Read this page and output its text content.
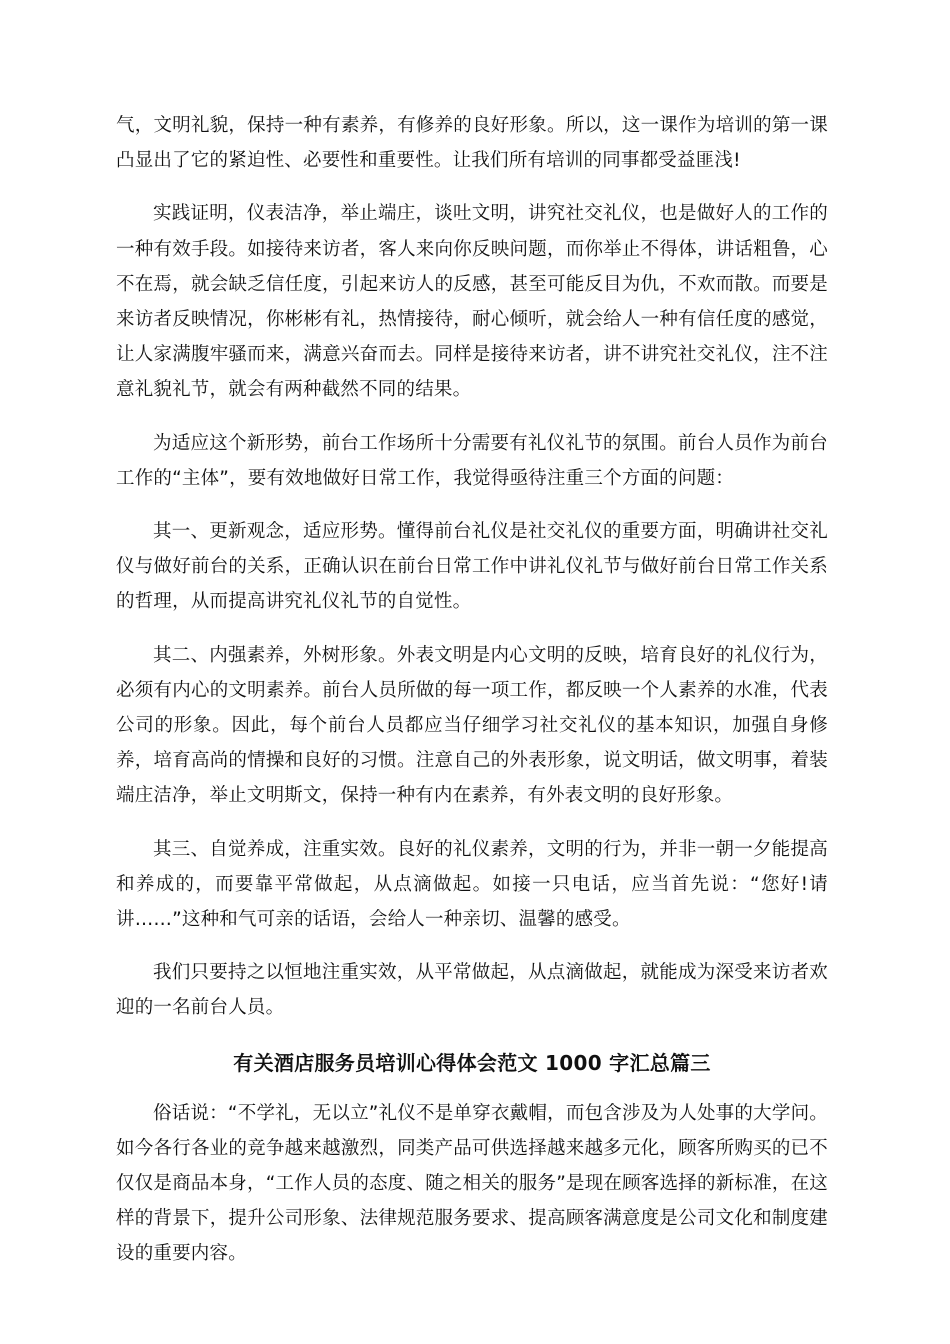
气，文明礼貌，保持一种有素养，有修养的良好形象。所以，这一课作为培训的第一课凸显出了它的紧迫性、必要性和重要性。让我们所有培训的同事都受益匪浅!

实践证明，仪表洁净，举止端庄，谈吐文明，讲究社交礼仪，也是做好人的工作的一种有效手段。如接待来访者，客人来向你反映问题，而你举止不得体，讲话粗鲁，心不在焉，就会缺乏信任度，引起来访人的反感，甚至可能反目为仇，不欢而散。而要是来访者反映情况，你彬彬有礼，热情接待，耐心倾听，就会给人一种有信任度的感觉，让人家满腹牢骚而来，满意兴奋而去。同样是接待来访者，讲不讲究社交礼仪，注不注意礼貌礼节，就会有两种截然不同的结果。

为适应这个新形势，前台工作场所十分需要有礼仪礼节的氛围。前台人员作为前台工作的“主体”，要有效地做好日常工作，我觉得亟待注重三个方面的问题：

其一、更新观念，适应形势。懂得前台礼仪是社交礼仪的重要方面，明确讲社交礼仪与做好前台的关系，正确认识在前台日常工作中讲礼仪礼节与做好前台日常工作关系的哲理，从而提高讲究礼仪礼节的自觉性。

其二、内强素养，外树形象。外表文明是内心文明的反映，培育良好的礼仪行为，必须有内心的文明素养。前台人员所做的每一项工作，都反映一个人素养的水准，代表公司的形象。因此，每个前台人员都应当仔细学习社交礼仪的基本知识，加强自身修养，培育高尚的情操和良好的习惯。注意自己的外表形象，说文明话，做文明事，着装端庄洁净，举止文明斯文，保持一种有内在素养，有外表文明的良好形象。

其三、自觉养成，注重实效。良好的礼仪素养，文明的行为，并非一朝一夕能提高和养成的，而要靠平常做起，从点滴做起。如接一只电话，应当首先说：“您好!请讲……”这种和气可亲的话语，会给人一种亲切、温馨的感受。

我们只要持之以恒地注重实效，从平常做起，从点滴做起，就能成为深受来访者欢迎的一名前台人员。

有关酒店服务员培训心得体会范文 1000 字汇总篇三

俗话说：“不学礼，无以立”礼仪不是单穿衣戴帽，而包含涉及为人处事的大学问。如今各行各业的竞争越来越激烈，同类产品可供选择越来越多元化，顾客所购买的已不仅仅是商品本身，“工作人员的态度、随之相关的服务”是现在顾客选择的新标准，在这样的背景下，提升公司形象、法律规范服务要求、提高顾客满意度是公司文化和制度建设的重要内容。
